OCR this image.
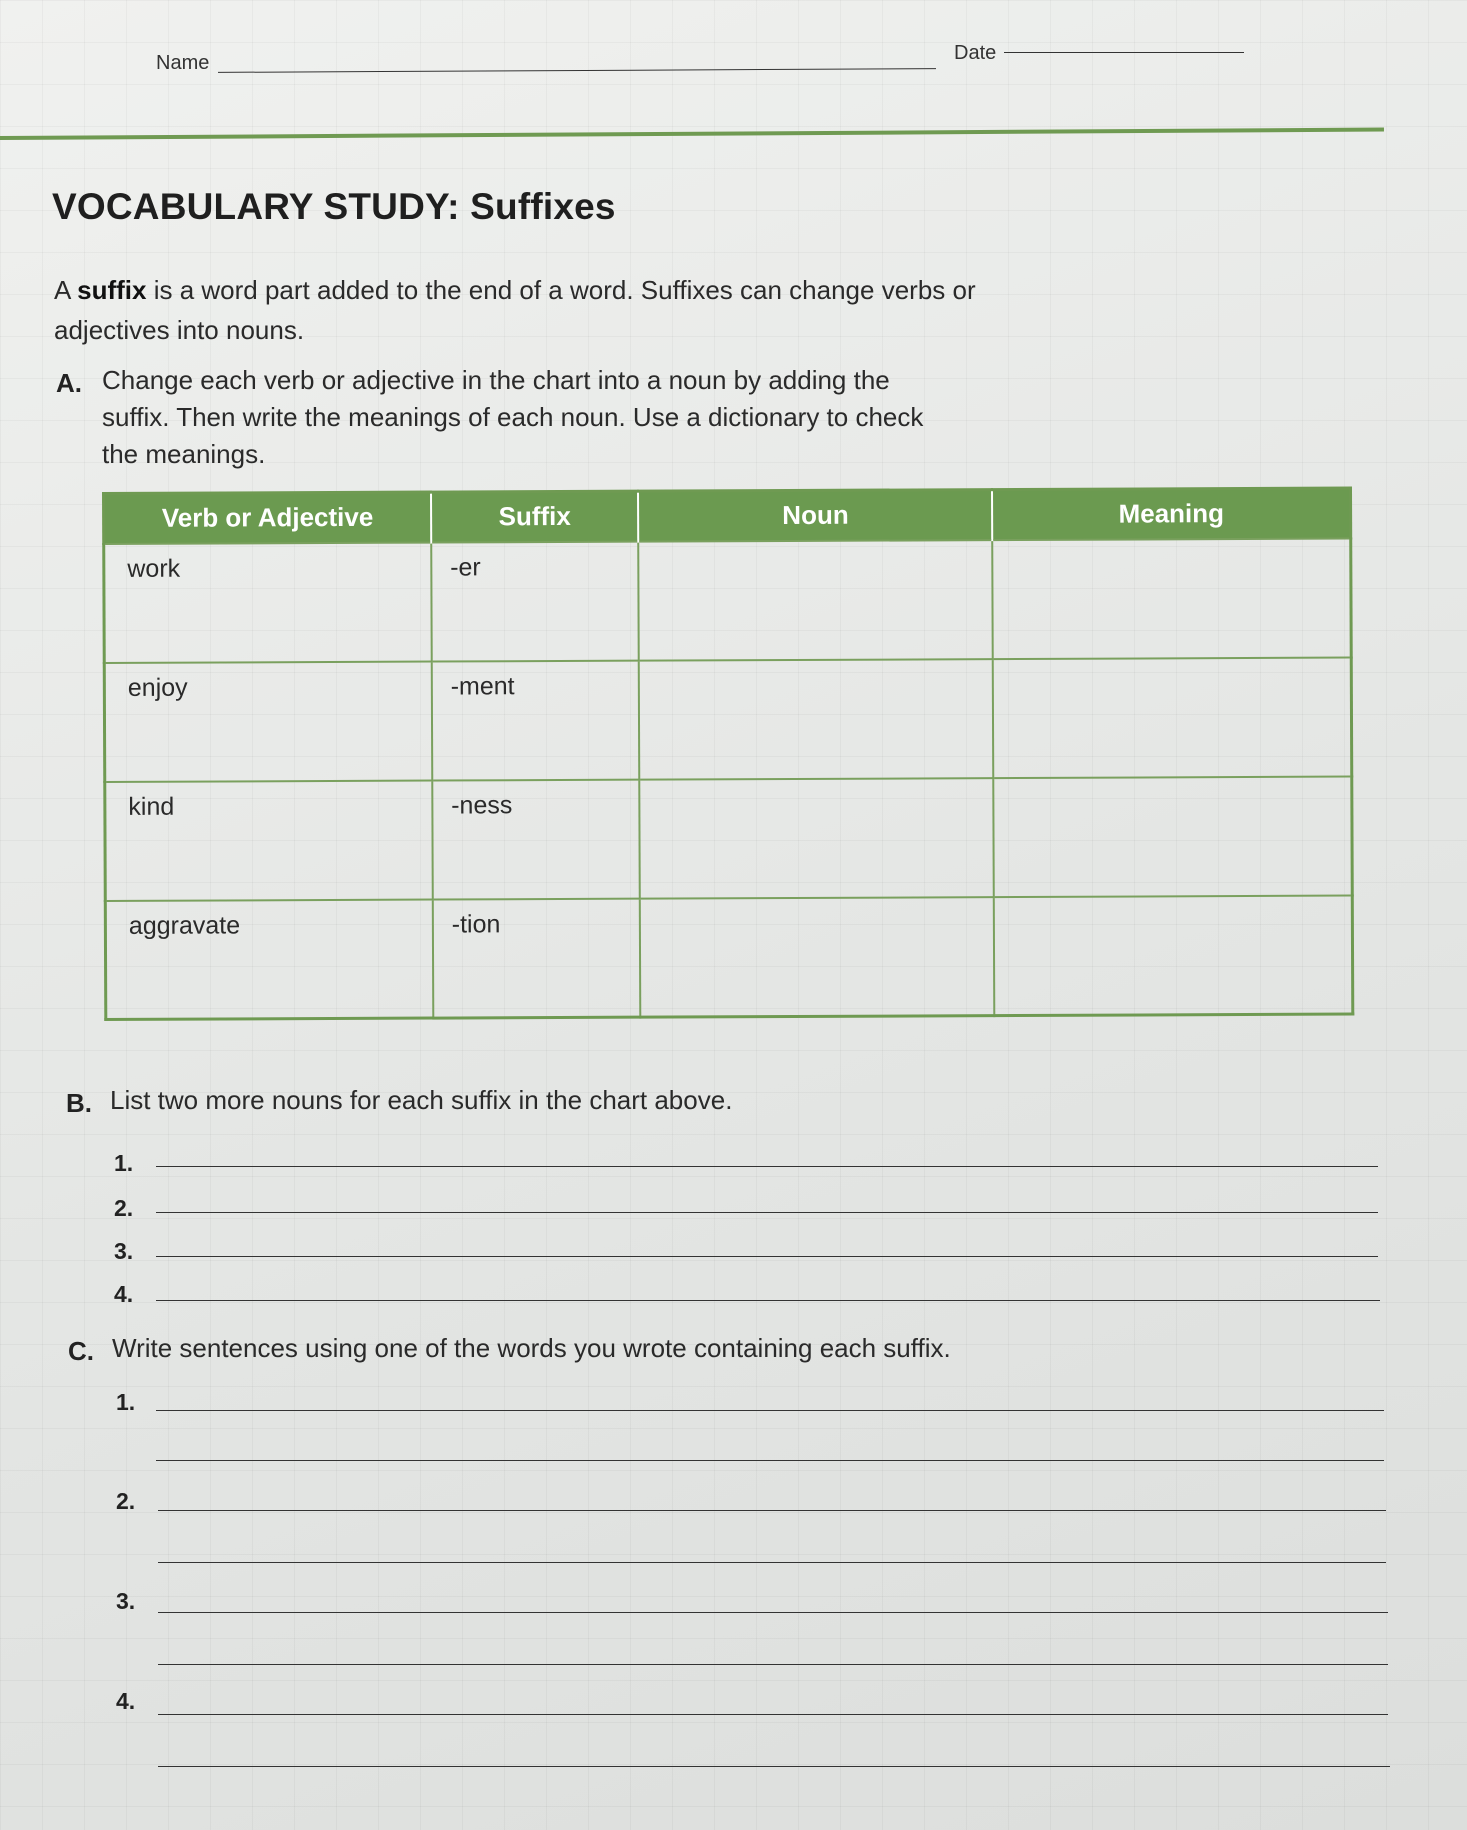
Name	Date
VOCABULARY STUDY: Suffixes
A suffix is a word part added to the end of a word. Suffixes can change verbs or adjectives into nouns.
A. Change each verb or adjective in the chart into a noun by adding the
suffix. Then write the meanings of each noun. Use a dictionary to check
the meanings.
Verb or Adjective	Suffix	Noun	Meaning
work	-er		
enjoy	-ment		
kind	-ness		
aggravate	-tion		
B. List two more nouns for each suffix in the chart above.
1.
2.
3.
4.
C. Write sentences using one of the words you wrote containing each suffix.
1.
2.
3.
4.
